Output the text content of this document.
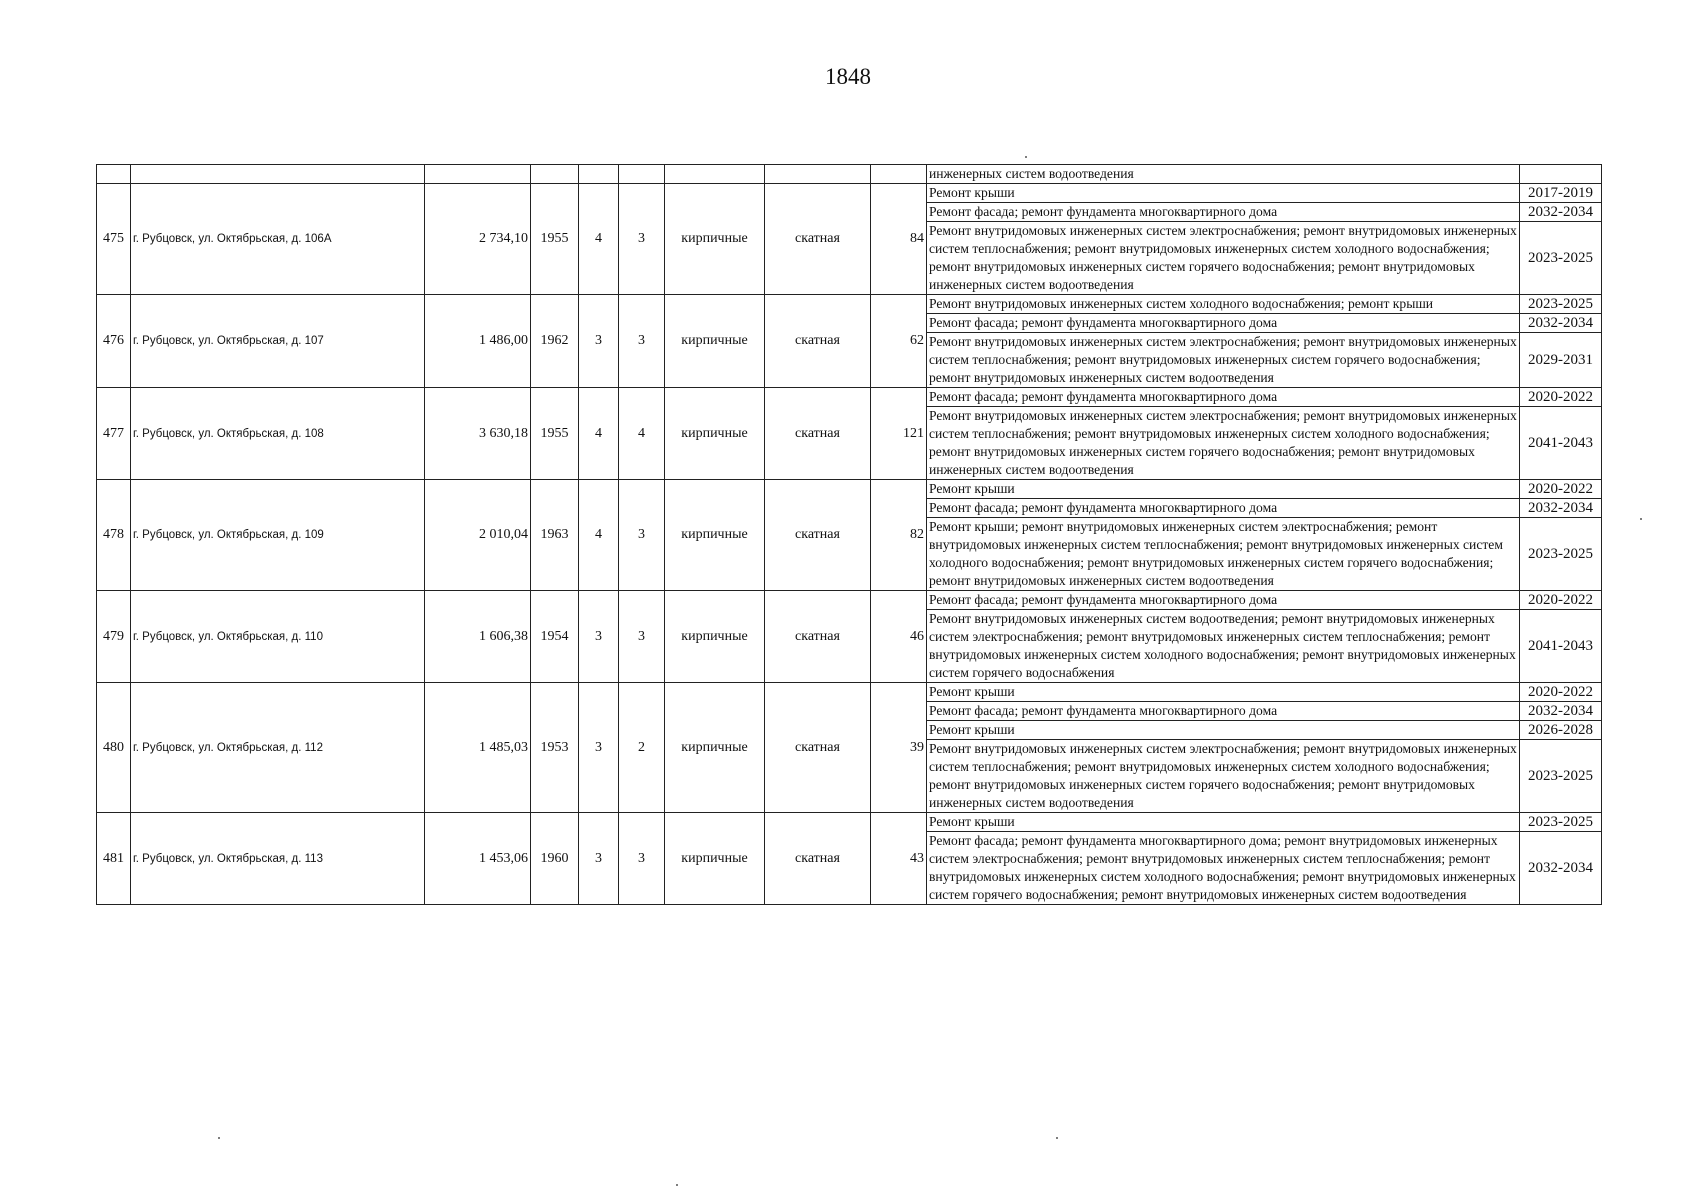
1848
									инженерных систем водоотведения	
475	г. Рубцовск, ул. Октябрьская, д. 106А	2 734,10	1955	4	3	кирпичные	скатная	84	Ремонт крыши	2017-2019
									Ремонт фасада; ремонт фундамента многоквартирного дома	2032-2034
									Ремонт внутридомовых инженерных систем электроснабжения; ремонт внутридомовых инженерных систем теплоснабжения; ремонт внутридомовых инженерных систем холодного водоснабжения; ремонт внутридомовых инженерных систем горячего водоснабжения; ремонт внутридомовых инженерных систем водоотведения	2023-2025
476	г. Рубцовск, ул. Октябрьская, д. 107	1 486,00	1962	3	3	кирпичные	скатная	62	Ремонт внутридомовых инженерных систем холодного водоснабжения; ремонт крыши	2023-2025
									Ремонт фасада; ремонт фундамента многоквартирного дома	2032-2034
									Ремонт внутридомовых инженерных систем электроснабжения; ремонт внутридомовых инженерных систем теплоснабжения; ремонт внутридомовых инженерных систем горячего водоснабжения; ремонт внутридомовых инженерных систем водоотведения	2029-2031
477	г. Рубцовск, ул. Октябрьская, д. 108	3 630,18	1955	4	4	кирпичные	скатная	121	Ремонт фасада; ремонт фундамента многоквартирного дома	2020-2022
									Ремонт внутридомовых инженерных систем электроснабжения; ремонт внутридомовых инженерных систем теплоснабжения; ремонт внутридомовых инженерных систем холодного водоснабжения; ремонт внутридомовых инженерных систем горячего водоснабжения; ремонт внутридомовых инженерных систем водоотведения	2041-2043
478	г. Рубцовск, ул. Октябрьская, д. 109	2 010,04	1963	4	3	кирпичные	скатная	82	Ремонт крыши	2020-2022
									Ремонт фасада; ремонт фундамента многоквартирного дома	2032-2034
									Ремонт крыши; ремонт внутридомовых инженерных систем электроснабжения; ремонт внутридомовых инженерных систем теплоснабжения; ремонт внутридомовых инженерных систем холодного водоснабжения; ремонт внутридомовых инженерных систем горячего водоснабжения; ремонт внутридомовых инженерных систем водоотведения	2023-2025
479	г. Рубцовск, ул. Октябрьская, д. 110	1 606,38	1954	3	3	кирпичные	скатная	46	Ремонт фасада; ремонт фундамента многоквартирного дома	2020-2022
									Ремонт внутридомовых инженерных систем водоотведения; ремонт внутридомовых инженерных систем электроснабжения; ремонт внутридомовых инженерных систем теплоснабжения; ремонт внутридомовых инженерных систем холодного водоснабжения; ремонт внутридомовых инженерных систем горячего водоснабжения	2041-2043
480	г. Рубцовск, ул. Октябрьская, д. 112	1 485,03	1953	3	2	кирпичные	скатная	39	Ремонт крыши	2020-2022
									Ремонт фасада; ремонт фундамента многоквартирного дома	2032-2034
									Ремонт крыши	2026-2028
									Ремонт внутридомовых инженерных систем электроснабжения; ремонт внутридомовых инженерных систем теплоснабжения; ремонт внутридомовых инженерных систем холодного водоснабжения; ремонт внутридомовых инженерных систем горячего водоснабжения; ремонт внутридомовых инженерных систем водоотведения	2023-2025
481	г. Рубцовск, ул. Октябрьская, д. 113	1 453,06	1960	3	3	кирпичные	скатная	43	Ремонт крыши	2023-2025
									Ремонт фасада; ремонт фундамента многоквартирного дома; ремонт внутридомовых инженерных систем электроснабжения; ремонт внутридомовых инженерных систем теплоснабжения; ремонт внутридомовых инженерных систем холодного водоснабжения; ремонт внутридомовых инженерных систем горячего водоснабжения; ремонт внутридомовых инженерных систем водоотведения	2032-2034
